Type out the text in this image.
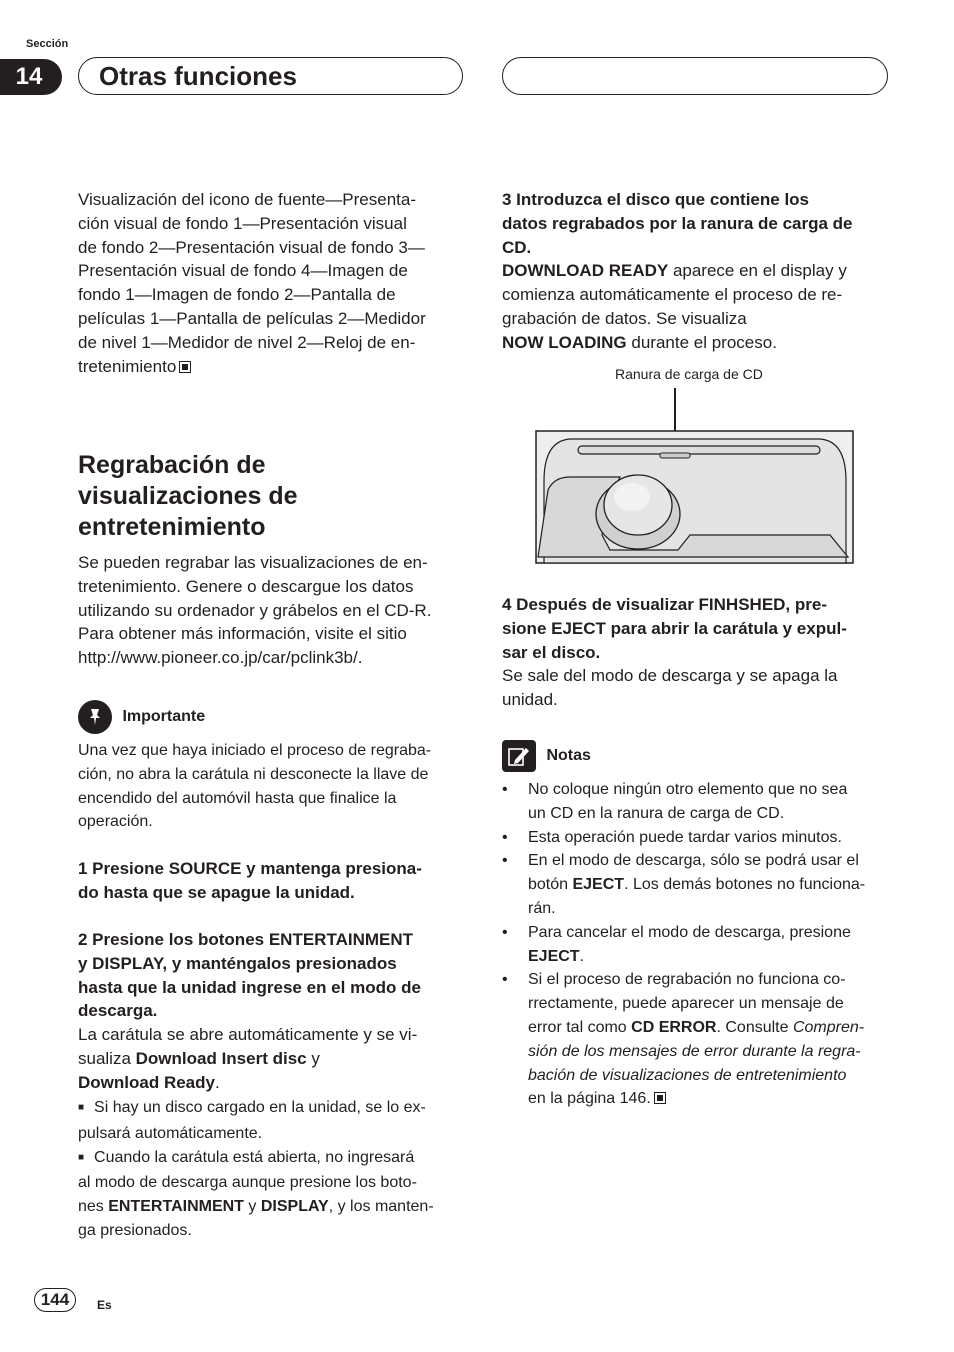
Sección
14	Otras funciones

Visualización del icono de fuente—Presenta-

ción visual de fondo 1—Presentación visual

de fondo 2—Presentación visual de fondo 3—

Presentación visual de fondo 4—Imagen de

fondo 1—Imagen de fondo 2—Pantalla de

películas 1—Pantalla de películas 2—Medidor

de nivel 1—Medidor de nivel 2—Reloj de en-

tretenimiento

Regrabación de

visualizaciones de

entretenimiento

Se pueden regrabar las visualizaciones de en-

tretenimiento. Genere o descargue los datos

utilizando su ordenador y grábelos en el CD-R.

Para obtener más información, visite el sitio

http://www.pioneer.co.jp/car/pclink3b/.

Importante

Una vez que haya iniciado el proceso de regraba-

ción, no abra la carátula ni desconecte la llave de

encendido del automóvil hasta que finalice la

operación.

1 Presione SOURCE y mantenga presiona-

do hasta que se apague la unidad.

2 Presione los botones ENTERTAINMENT

y DISPLAY, y manténgalos presionados

hasta que la unidad ingrese en el modo de

descarga.

La carátula se abre automáticamente y se vi-

sualiza Download Insert disc y

Download Ready.

■ Si hay un disco cargado en la unidad, se lo ex-

pulsará automáticamente.

■ Cuando la carátula está abierta, no ingresará

al modo de descarga aunque presione los boto-

nes ENTERTAINMENT y DISPLAY, y los manten-

ga presionados.

3 Introduzca el disco que contiene los

datos regrabados por la ranura de carga de

CD.

DOWNLOAD READY aparece en el display y

comienza automáticamente el proceso de re-

grabación de datos. Se visualiza

NOW LOADING durante el proceso.

Ranura de carga de CD

4 Después de visualizar FINHSHED, pre-

sione EJECT para abrir la carátula y expul-

sar el disco.

Se sale del modo de descarga y se apaga la

unidad.

Notas

• No coloque ningún otro elemento que no sea

un CD en la ranura de carga de CD.

• Esta operación puede tardar varios minutos.

• En el modo de descarga, sólo se podrá usar el

botón EJECT. Los demás botones no funciona-

rán.

• Para cancelar el modo de descarga, presione

EJECT.

• Si el proceso de regrabación no funciona co-

rrectamente, puede aparecer un mensaje de

error tal como CD ERROR. Consulte Compren-

sión de los mensajes de error durante la regra-

bación de visualizaciones de entretenimiento

en la página 146.

144	Es
